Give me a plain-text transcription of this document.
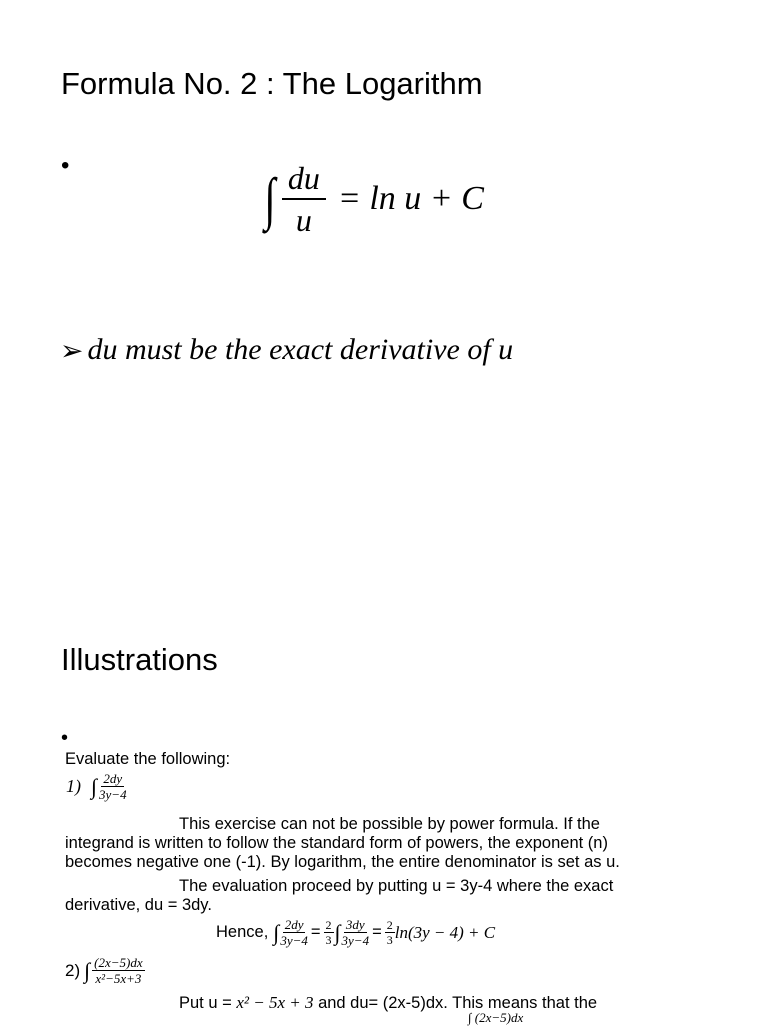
Formula No. 2 : The Logarithm
•
∫ $\frac{du}{u} = \ln u + C$
➢ du must be the exact derivative of u
Illustrations
•
Evaluate the following:
1) ∫ $\frac{2dy}{3y-4}$
This exercise can not be possible by power formula. If the
integrand is written to follow the standard form of powers, the exponent (n)
becomes negative one (-1). By logarithm, the entire denominator is set as u.
The evaluation proceed by putting u = 3y-4 where the exact
derivative, du = 3dy.
Hence, ∫ $\frac{2dy}{3y-4} = \frac{2}{3}$ ∫ $\frac{3dy}{3y-4} = \frac{2}{3} \ln(3y - 4) + C$
2) ∫ $\frac{(2x-5)dx}{\text{x²−5x+3}}$
Put u = x² − 5x + 3 and du= (2x-5)dx. This means that the
∫ (2x−5)dx
